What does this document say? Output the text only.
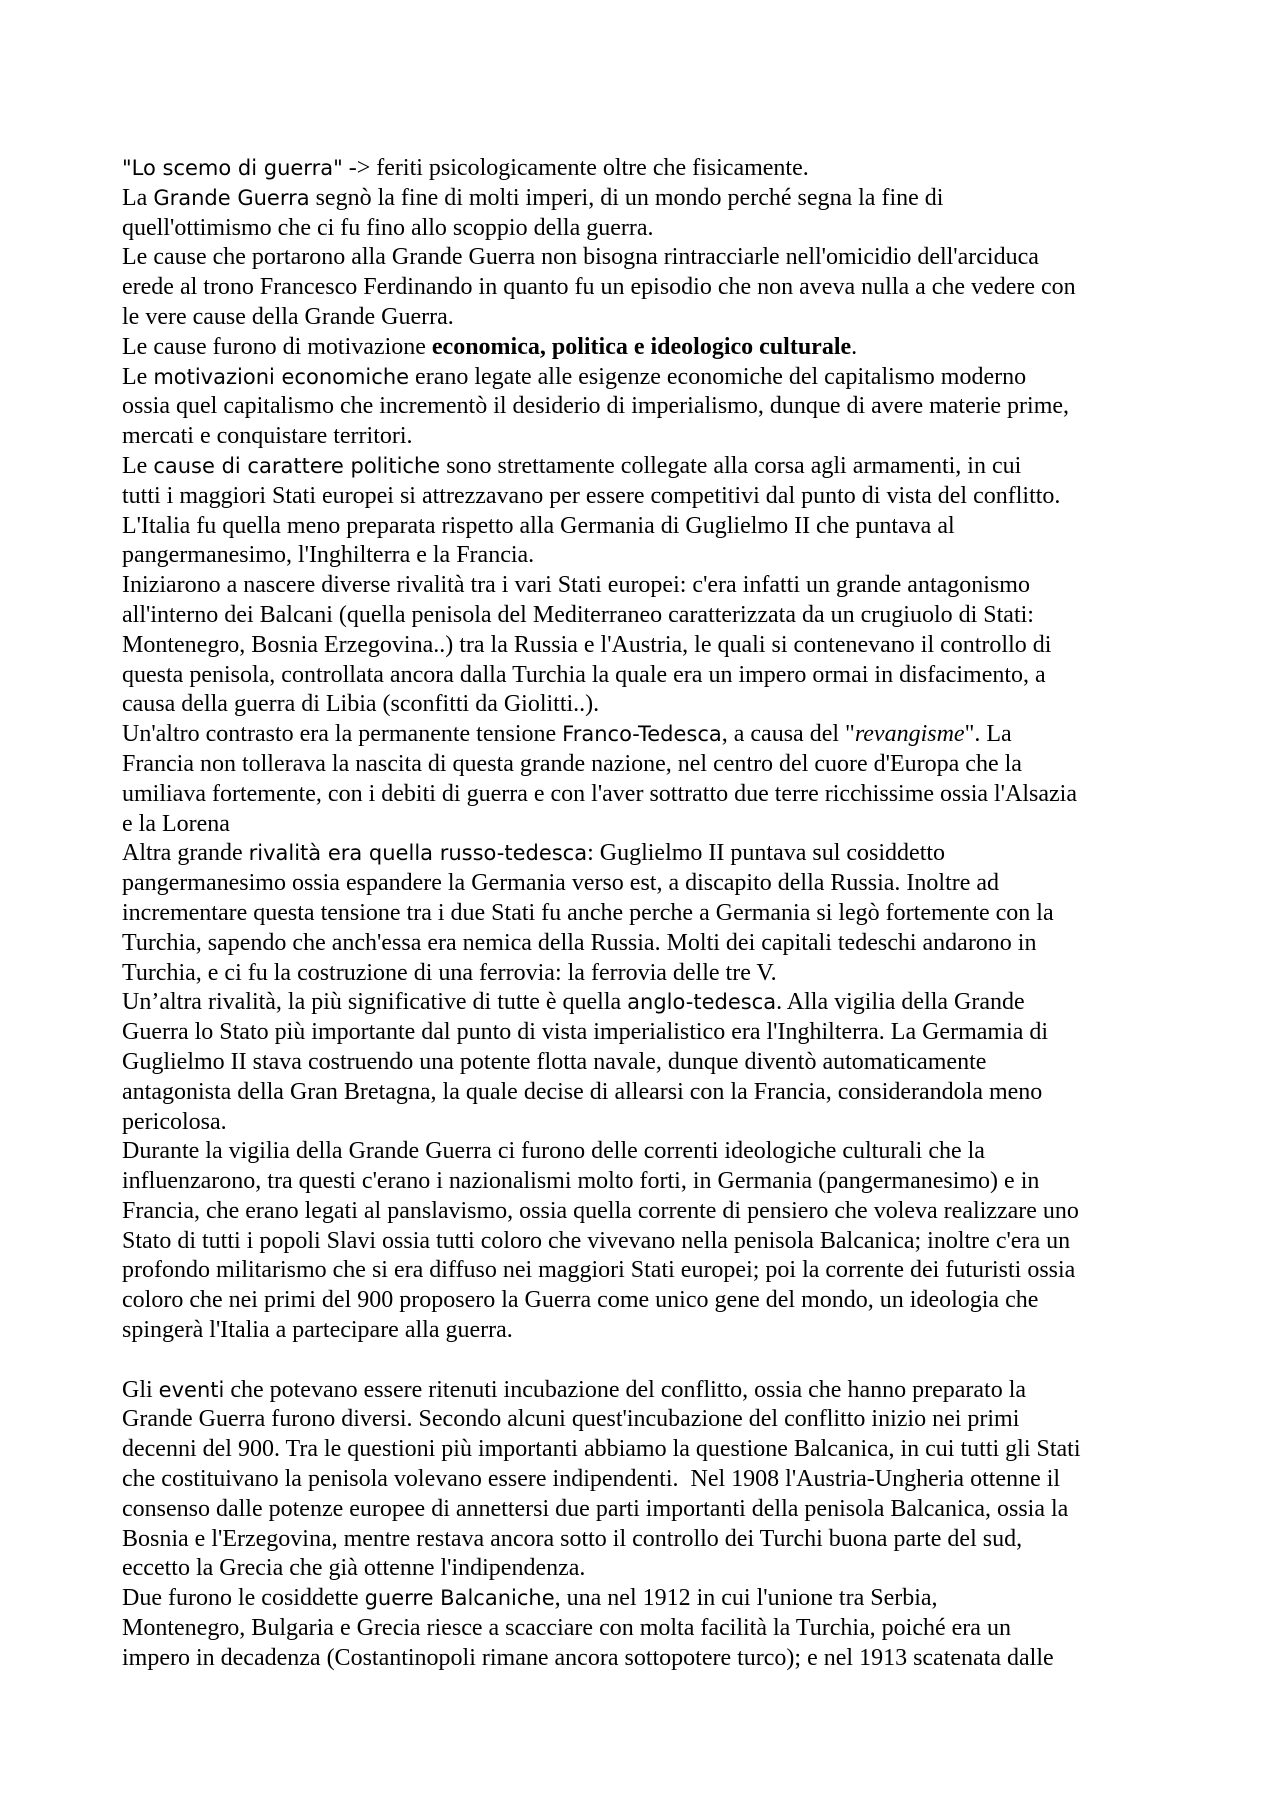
"Lo scemo di guerra" -> feriti psicologicamente oltre che fisicamente.
La Grande Guerra segnò la fine di molti imperi, di un mondo perché segna la fine di
quell'ottimismo che ci fu fino allo scoppio della guerra.
Le cause che portarono alla Grande Guerra non bisogna rintracciarle nell'omicidio dell'arciduca
erede al trono Francesco Ferdinando in quanto fu un episodio che non aveva nulla a che vedere con
le vere cause della Grande Guerra.
Le cause furono di motivazione economica, politica e ideologico culturale.
Le motivazioni economiche erano legate alle esigenze economiche del capitalismo moderno
ossia quel capitalismo che incrementò il desiderio di imperialismo, dunque di avere materie prime,
mercati e conquistare territori.
Le cause di carattere politiche sono strettamente collegate alla corsa agli armamenti, in cui
tutti i maggiori Stati europei si attrezzavano per essere competitivi dal punto di vista del conflitto.
L'Italia fu quella meno preparata rispetto alla Germania di Guglielmo II che puntava al
pangermanesimo, l'Inghilterra e la Francia.
Iniziarono a nascere diverse rivalità tra i vari Stati europei: c'era infatti un grande antagonismo
all'interno dei Balcani (quella penisola del Mediterraneo caratterizzata da un crugiuolo di Stati:
Montenegro, Bosnia Erzegovina..) tra la Russia e l'Austria, le quali si contenevano il controllo di
questa penisola, controllata ancora dalla Turchia la quale era un impero ormai in disfacimento, a
causa della guerra di Libia (sconfitti da Giolitti..).
Un'altro contrasto era la permanente tensione Franco-Tedesca, a causa del "revangisme". La
Francia non tollerava la nascita di questa grande nazione, nel centro del cuore d'Europa che la
umiliava fortemente, con i debiti di guerra e con l'aver sottratto due terre ricchissime ossia l'Alsazia
e la Lorena
Altra grande rivalità era quella russo-tedesca: Guglielmo II puntava sul cosiddetto
pangermanesimo ossia espandere la Germania verso est, a discapito della Russia. Inoltre ad
incrementare questa tensione tra i due Stati fu anche perche a Germania si legò fortemente con la
Turchia, sapendo che anch'essa era nemica della Russia. Molti dei capitali tedeschi andarono in
Turchia, e ci fu la costruzione di una ferrovia: la ferrovia delle tre V.
Un’altra rivalità, la più significative di tutte è quella anglo-tedesca. Alla vigilia della Grande
Guerra lo Stato più importante dal punto di vista imperialistico era l'Inghilterra. La Germamia di
Guglielmo II stava costruendo una potente flotta navale, dunque diventò automaticamente
antagonista della Gran Bretagna, la quale decise di allearsi con la Francia, considerandola meno
pericolosa.
Durante la vigilia della Grande Guerra ci furono delle correnti ideologiche culturali che la
influenzarono, tra questi c'erano i nazionalismi molto forti, in Germania (pangermanesimo) e in
Francia, che erano legati al panslavismo, ossia quella corrente di pensiero che voleva realizzare uno
Stato di tutti i popoli Slavi ossia tutti coloro che vivevano nella penisola Balcanica; inoltre c'era un
profondo militarismo che si era diffuso nei maggiori Stati europei; poi la corrente dei futuristi ossia
coloro che nei primi del 900 proposero la Guerra come unico gene del mondo, un ideologia che
spingerà l'Italia a partecipare alla guerra.
Gli eventi che potevano essere ritenuti incubazione del conflitto, ossia che hanno preparato la
Grande Guerra furono diversi. Secondo alcuni quest'incubazione del conflitto inizio nei primi
decenni del 900. Tra le questioni più importanti abbiamo la questione Balcanica, in cui tutti gli Stati
che costituivano la penisola volevano essere indipendenti.  Nel 1908 l'Austria-Ungheria ottenne il
consenso dalle potenze europee di annettersi due parti importanti della penisola Balcanica, ossia la
Bosnia e l'Erzegovina, mentre restava ancora sotto il controllo dei Turchi buona parte del sud,
eccetto la Grecia che già ottenne l'indipendenza.
Due furono le cosiddette guerre Balcaniche, una nel 1912 in cui l'unione tra Serbia,
Montenegro, Bulgaria e Grecia riesce a scacciare con molta facilità la Turchia, poiché era un
impero in decadenza (Costantinopoli rimane ancora sottopotere turco); e nel 1913 scatenata dalle
